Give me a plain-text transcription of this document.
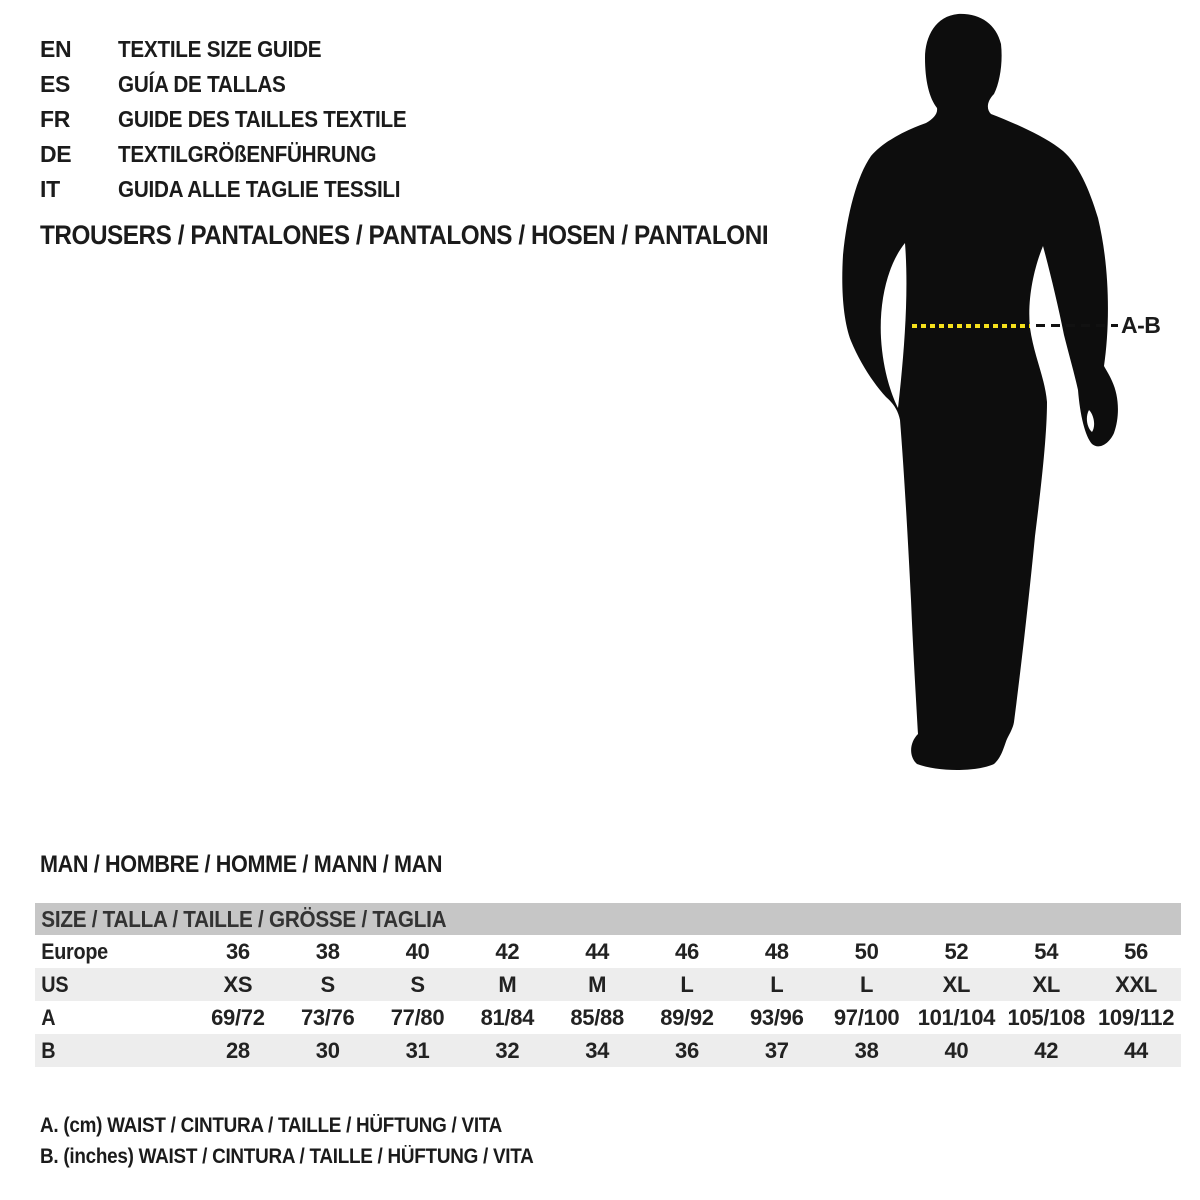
EN TEXTILE SIZE GUIDE
ES GUÍA DE TALLAS
FR GUIDE DES TAILLES TEXTILE
DE TEXTILGRÖßENFÜHRUNG
IT	GUIDA ALLE TAGLIE TESSILI
TROUSERS / PANTALONES / PANTALONS / HOSEN / PANTALONI
A-B
MAN / HOMBRE / HOMME / MANN / MAN
SIZE / TALLA / TAILLE / GRÖSSE / TAGLIA											
Europe	36	38	40	42	44	46	48	50	52	54	56
US	XS	S	S	M	M	L	L	L	XL	XL	XXL
A	69/72	73/76	77/80	81/84	85/88	89/92	93/96	97/100	101/104	105/108	109/112
B	28	30	31	32	34	36	37	38	40	42	44
A. (cm) WAIST / CINTURA / TAILLE / HÜFTUNG / VITA
B. (inches) WAIST / CINTURA / TAILLE / HÜFTUNG / VITA
